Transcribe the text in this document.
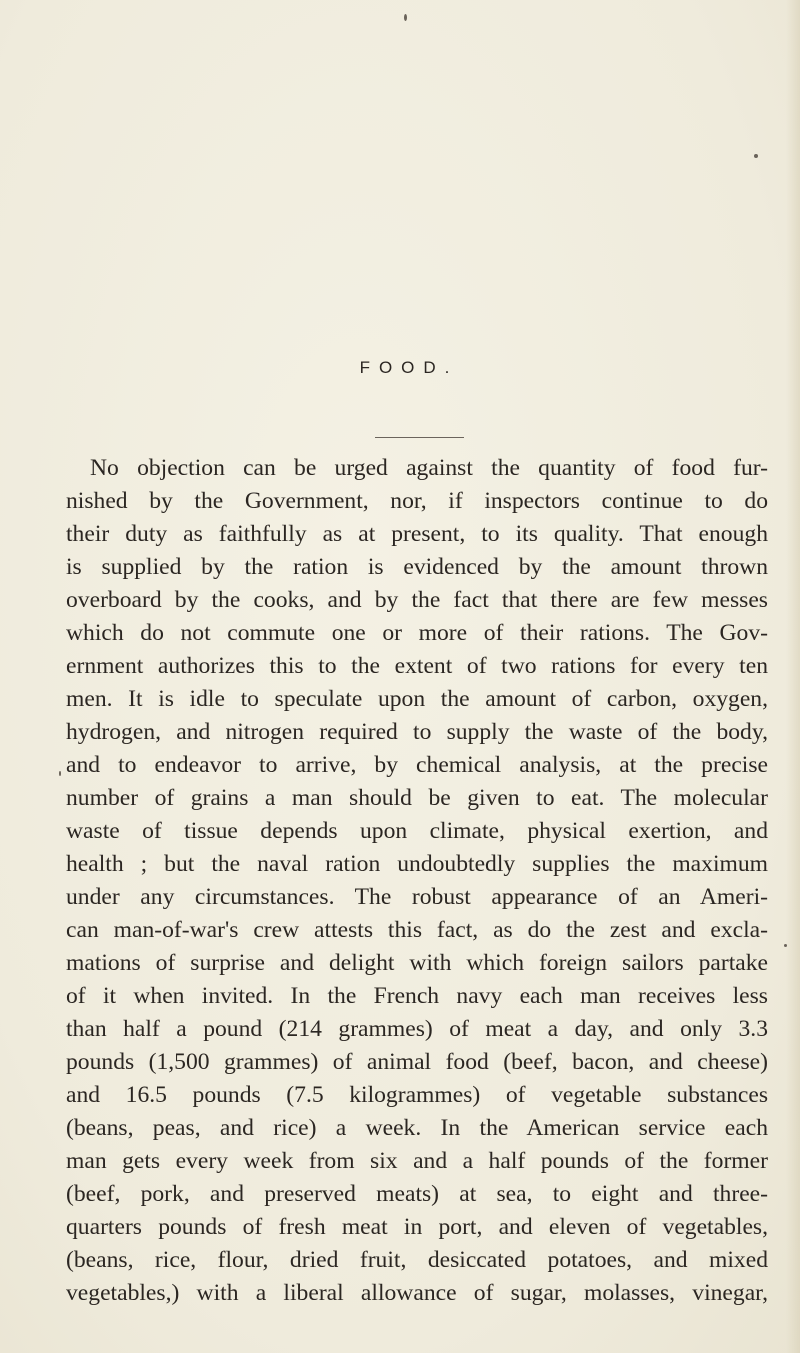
FOOD.
No objection can be urged against the quantity of food fur-
nished by the Government, nor, if inspectors continue to do
their duty as faithfully as at present, to its quality. That enough
is supplied by the ration is evidenced by the amount thrown
overboard by the cooks, and by the fact that there are few messes
which do not commute one or more of their rations. The Gov-
ernment authorizes this to the extent of two rations for every ten
men. It is idle to speculate upon the amount of carbon, oxygen,
hydrogen, and nitrogen required to supply the waste of the body,
and to endeavor to arrive, by chemical analysis, at the precise
number of grains a man should be given to eat. The molecular
waste of tissue depends upon climate, physical exertion, and
health ; but the naval ration undoubtedly supplies the maximum
under any circumstances. The robust appearance of an Ameri-
can man-of-war's crew attests this fact, as do the zest and excla-
mations of surprise and delight with which foreign sailors partake
of it when invited. In the French navy each man receives less
than half a pound (214 grammes) of meat a day, and only 3.3
pounds (1,500 grammes) of animal food (beef, bacon, and cheese)
and 16.5 pounds (7.5 kilogrammes) of vegetable substances
(beans, peas, and rice) a week. In the American service each
man gets every week from six and a half pounds of the former
(beef, pork, and preserved meats) at sea, to eight and three-
quarters pounds of fresh meat in port, and eleven of vegetables,
(beans, rice, flour, dried fruit, desiccated potatoes, and mixed
vegetables,) with a liberal allowance of sugar, molasses, vinegar,
